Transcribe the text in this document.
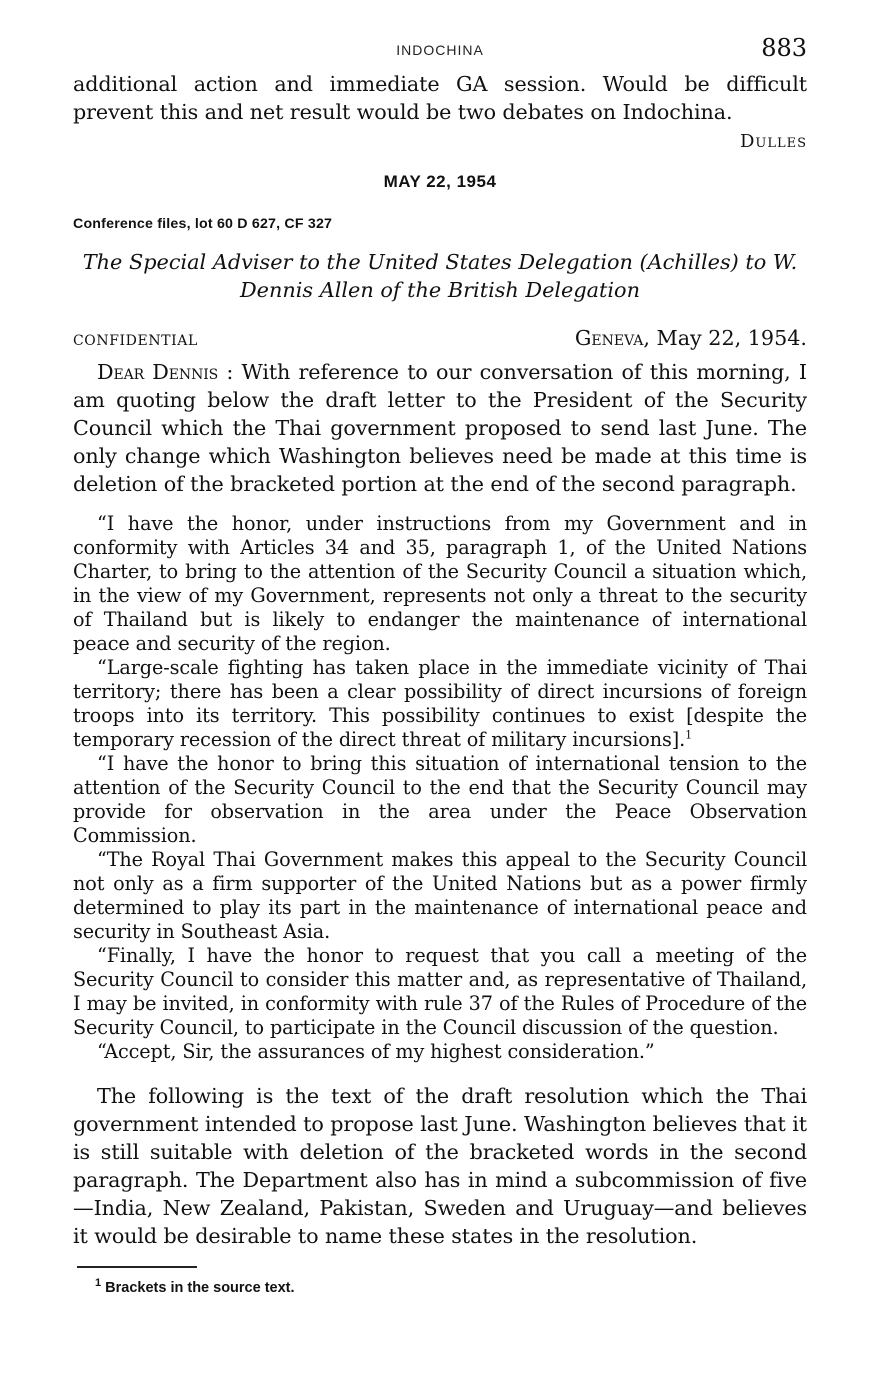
INDOCHINA	883

additional action and immediate GA session. Would be difficult prevent this and net result would be two debates on Indochina.

Dulles

MAY 22, 1954
Conference files, lot 60 D 627, CF 327
The Special Adviser to the United States Delegation (Achilles) to W. Dennis Allen of the British Delegation
CONFIDENTIAL	Geneva, May 22, 1954.

Dear Dennis : With reference to our conversation of this morning, I am quoting below the draft letter to the President of the Security Council which the Thai government proposed to send last June. The only change which Washington believes need be made at this time is deletion of the bracketed portion at the end of the second paragraph.

“I have the honor, under instructions from my Government and in conformity with Articles 34 and 35, paragraph 1, of the United Nations Charter, to bring to the attention of the Security Council a situation which, in the view of my Government, represents not only a threat to the security of Thailand but is likely to endanger the maintenance of international peace and security of the region.

“Large-scale fighting has taken place in the immediate vicinity of Thai territory; there has been a clear possibility of direct incursions of foreign troops into its territory. This possibility continues to exist [despite the temporary recession of the direct threat of military incursions].$^1$

“I have the honor to bring this situation of international tension to the attention of the Security Council to the end that the Security Council may provide for observation in the area under the Peace Observation Commission.

“The Royal Thai Government makes this appeal to the Security Council not only as a firm supporter of the United Nations but as a power firmly determined to play its part in the maintenance of international peace and security in Southeast Asia.

“Finally, I have the honor to request that you call a meeting of the Security Council to consider this matter and, as representative of Thailand, I may be invited, in conformity with rule 37 of the Rules of Procedure of the Security Council, to participate in the Council discussion of the question.

“Accept, Sir, the assurances of my highest consideration.”

The following is the text of the draft resolution which the Thai government intended to propose last June. Washington believes that it is still suitable with deletion of the bracketed words in the second paragraph. The Department also has in mind a subcommission of five—India, New Zealand, Pakistan, Sweden and Uruguay—and believes it would be desirable to name these states in the resolution.

$^1$ Brackets in the source text.
